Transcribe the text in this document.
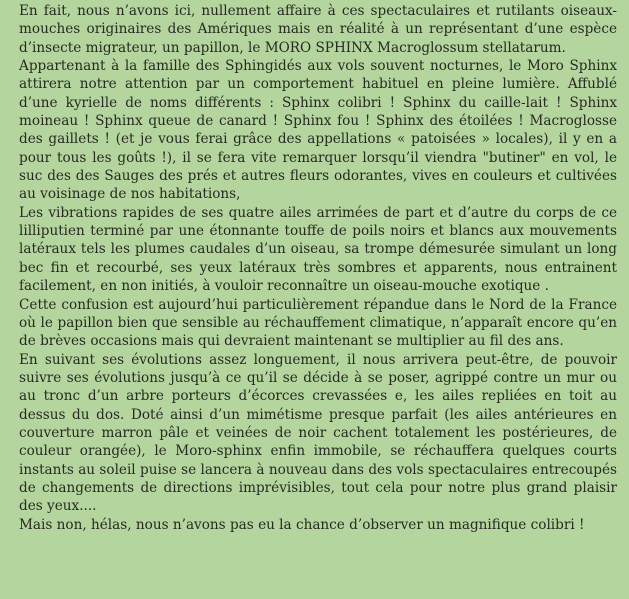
En fait, nous n’avons ici, nullement affaire à ces spectaculaires et rutilants oiseaux-mouches originaires des Amériques mais en réalité à un représentant d’une espèce d’insecte migrateur, un papillon, le MORO SPHINX Macroglossum stellatarum.

Appartenant à la famille des Sphingidés aux vols souvent nocturnes, le Moro Sphinx attirera notre attention par un comportement habituel en pleine lumière. Affublé d’une kyrielle de noms différents : Sphinx colibri ! Sphinx du caille-lait ! Sphinx moineau ! Sphinx queue de canard ! Sphinx fou ! Sphinx des étoilées ! Macroglosse des gaillets ! (et je vous ferai grâce des appellations « patoisées » locales), il y en a pour tous les goûts !), il se fera vite remarquer lorsqu’il viendra "butiner" en vol, le suc des des Sauges des prés et autres fleurs odorantes, vives en couleurs et cultivées au voisinage de nos habitations,

Les vibrations rapides de ses quatre ailes arrimées de part et d’autre du corps de ce lilliputien terminé par une étonnante touffe de poils noirs et blancs aux mouvements latéraux tels les plumes caudales d’un oiseau, sa trompe démesurée simulant un long bec fin et recourbé, ses yeux latéraux très sombres et apparents, nous entrainent facilement, en non initiés, à vouloir reconnaître un oiseau-mouche exotique .

Cette confusion est aujourd’hui particulièrement répandue dans le Nord de la France où le papillon bien que sensible au réchauffement climatique, n’apparaît encore qu’en de brèves occasions mais qui devraient maintenant se multiplier au fil des ans.

En suivant ses évolutions assez longuement, il nous arrivera peut-être, de pouvoir suivre ses évolutions jusqu’à ce qu’il se décide à se poser, agrippé contre un mur ou au tronc d’un arbre porteurs d’écorces crevassées e, les ailes repliées en toit au dessus du dos. Doté ainsi d’un mimétisme presque parfait (les ailes antérieures en couverture marron pâle et veinées de noir cachent totalement les postérieures, de couleur orangée), le Moro-sphinx enfin immobile, se réchauffera quelques courts instants au soleil puise se lancera à nouveau dans des vols spectaculaires entrecoupés de changements de directions imprévisibles, tout cela pour notre plus grand plaisir des yeux....

Mais non, hélas, nous n’avons pas eu la chance d’observer un magnifique colibri !
